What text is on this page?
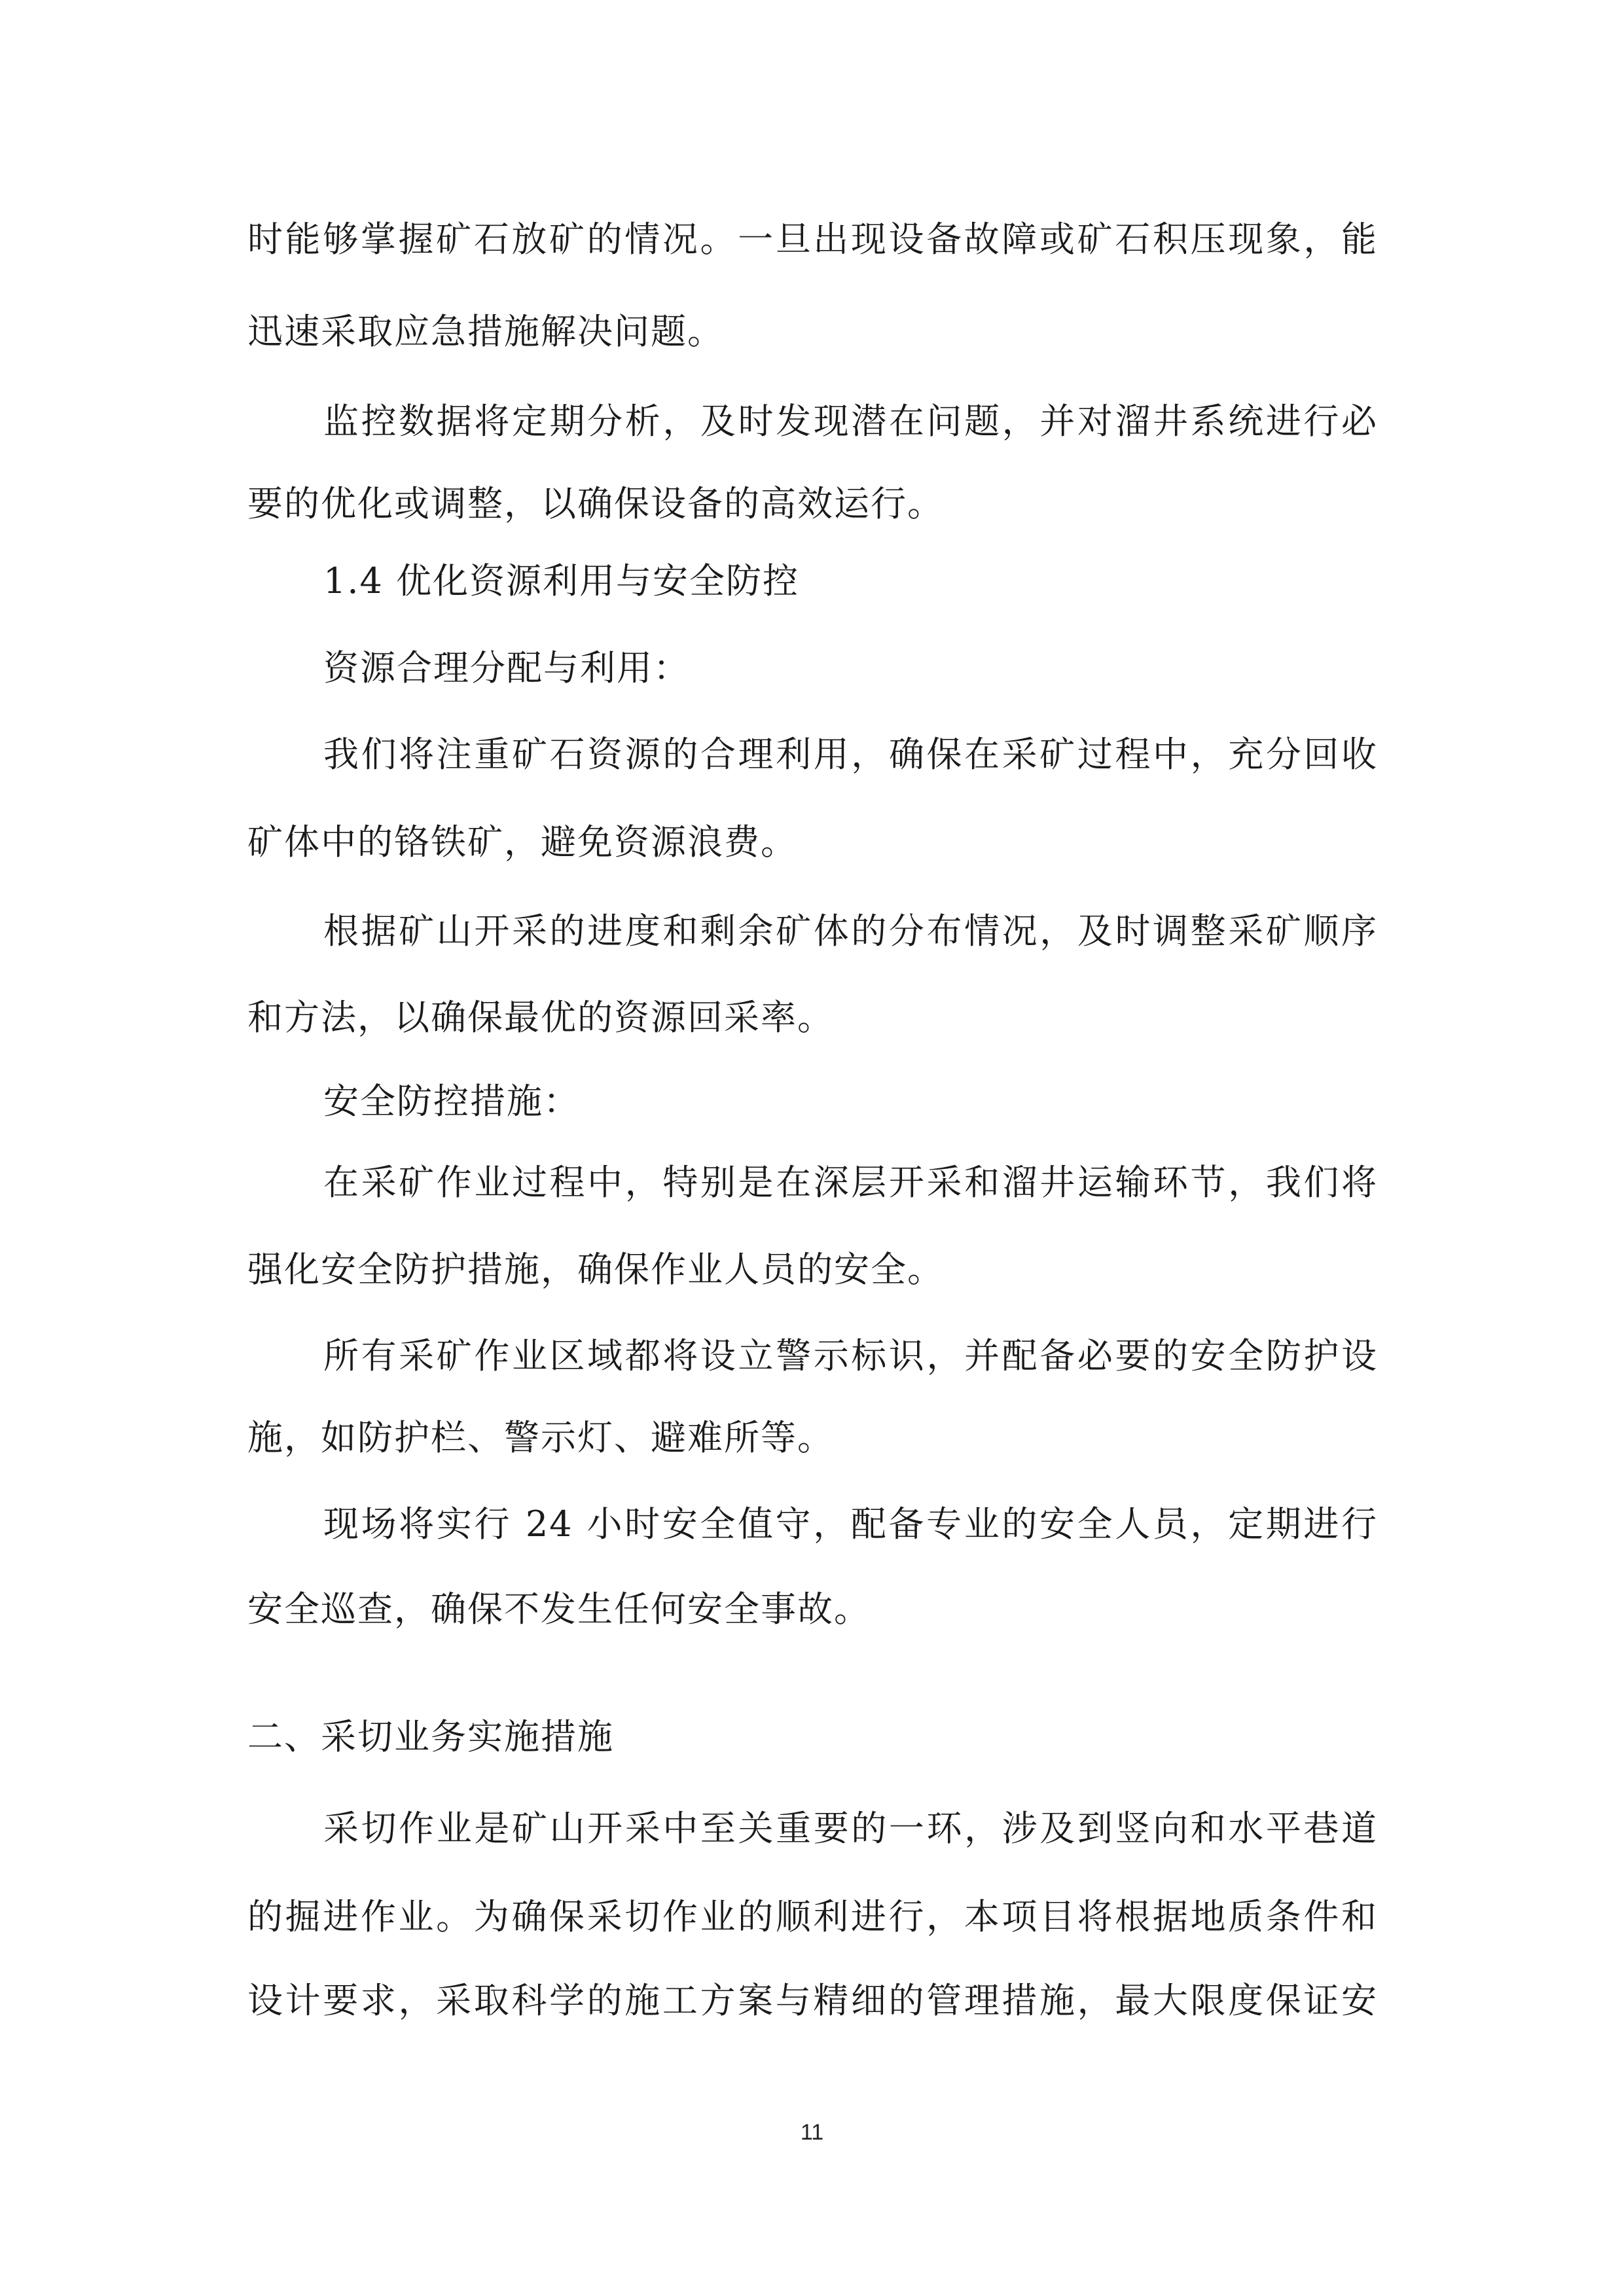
时能够掌握矿石放矿的情况。一旦出现设备故障或矿石积压现象，能
迅速采取应急措施解决问题。
监控数据将定期分析，及时发现潜在问题，并对溜井系统进行必
要的优化或调整，以确保设备的高效运行。
1.4 优化资源利用与安全防控
资源合理分配与利用：
我们将注重矿石资源的合理利用，确保在采矿过程中，充分回收
矿体中的铬铁矿，避免资源浪费。
根据矿山开采的进度和剩余矿体的分布情况，及时调整采矿顺序
和方法，以确保最优的资源回采率。
安全防控措施：
在采矿作业过程中，特别是在深层开采和溜井运输环节，我们将
强化安全防护措施，确保作业人员的安全。
所有采矿作业区域都将设立警示标识，并配备必要的安全防护设
施，如防护栏、警示灯、避难所等。
现场将实行 24 小时安全值守，配备专业的安全人员，定期进行
安全巡查，确保不发生任何安全事故。
二、采切业务实施措施
采切作业是矿山开采中至关重要的一环，涉及到竖向和水平巷道
的掘进作业。为确保采切作业的顺利进行，本项目将根据地质条件和
设计要求，采取科学的施工方案与精细的管理措施，最大限度保证安
11
